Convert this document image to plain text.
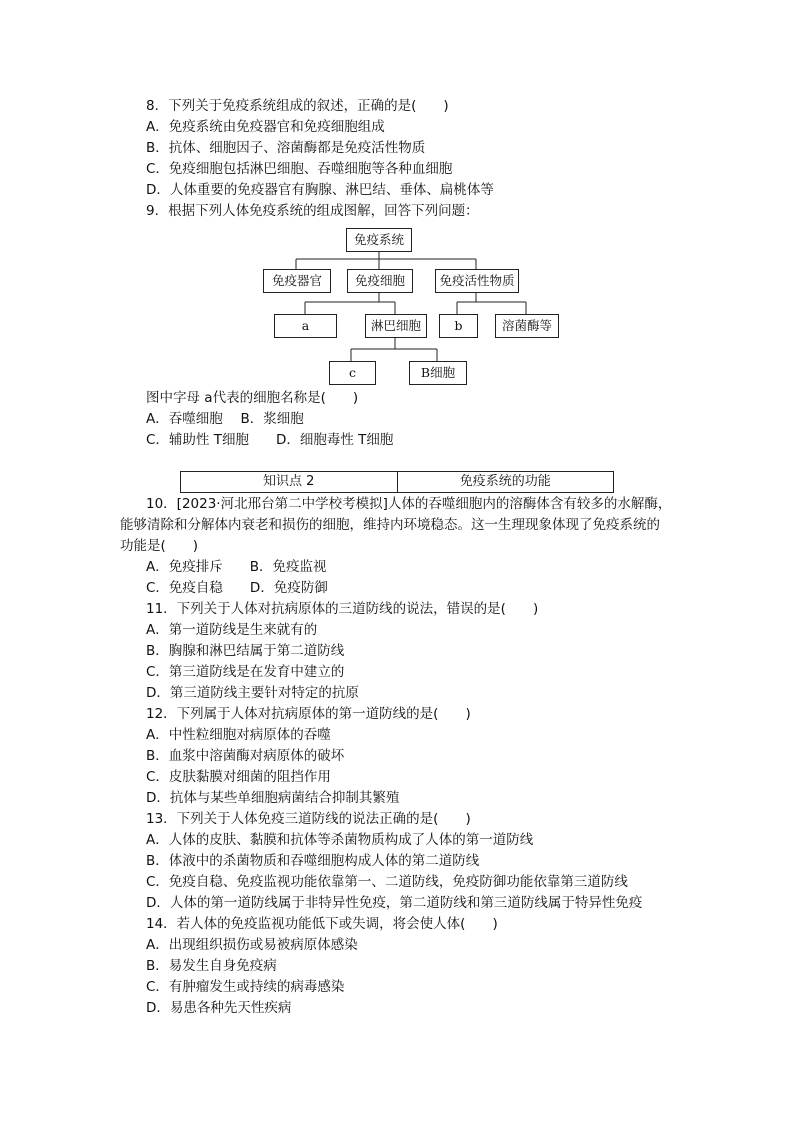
8．下列关于免疫系统组成的叙述，正确的是(　　)
A．免疫系统由免疫器官和免疫细胞组成
B．抗体、细胞因子、溶菌酶都是免疫活性物质
C．免疫细胞包括淋巴细胞、吞噬细胞等各种血细胞
D．人体重要的免疫器官有胸腺、淋巴结、垂体、扁桃体等
9．根据下列人体免疫系统的组成图解，回答下列问题：
免疫系统
免疫器官	免疫细胞	免疫活性物质
a	淋巴细胞	b	溶菌酶等
c	B细胞
图中字母 a代表的细胞名称是(　　)
A．吞噬细胞　 B．浆细胞
C．辅助性 T细胞　　D．细胞毒性 T细胞
知识点 2	免疫系统的功能
10．[2023·河北邢台第二中学校考模拟]人体的吞噬细胞内的溶酶体含有较多的水解酶，
能够清除和分解体内衰老和损伤的细胞，维持内环境稳态。这一生理现象体现了免疫系统的
功能是(　　)
A．免疫排斥　　B．免疫监视
C．免疫自稳　　D．免疫防御
11．下列关于人体对抗病原体的三道防线的说法，错误的是(　　)
A．第一道防线是生来就有的
B．胸腺和淋巴结属于第二道防线
C．第三道防线是在发育中建立的
D．第三道防线主要针对特定的抗原
12．下列属于人体对抗病原体的第一道防线的是(　　)
A．中性粒细胞对病原体的吞噬
B．血浆中溶菌酶对病原体的破坏
C．皮肤黏膜对细菌的阻挡作用
D．抗体与某些单细胞病菌结合抑制其繁殖
13．下列关于人体免疫三道防线的说法正确的是(　　)
A．人体的皮肤、黏膜和抗体等杀菌物质构成了人体的第一道防线
B．体液中的杀菌物质和吞噬细胞构成人体的第二道防线
C．免疫自稳、免疫监视功能依靠第一、二道防线，免疫防御功能依靠第三道防线
D．人体的第一道防线属于非特异性免疫，第二道防线和第三道防线属于特异性免疫
14．若人体的免疫监视功能低下或失调，将会使人体(　　)
A．出现组织损伤或易被病原体感染
B．易发生自身免疫病
C．有肿瘤发生或持续的病毒感染
D．易患各种先天性疾病
